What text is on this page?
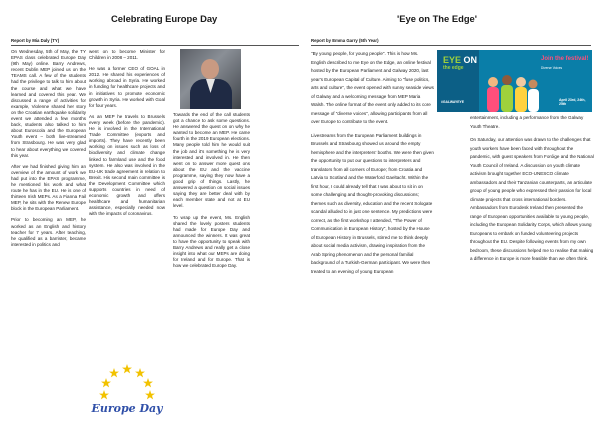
Celebrating Europe Day	'Eye on The Edge'
Report by Mia Daly (TY)	Report by Emma Garry (5th Year)

On Wednesday, 5th of May, the TY EPAS class celebrated Europe Day (9th May) online. Barry Andrews, recent Dublin MEP joined us on the TEAMS call. A few of the students had the privilege to talk to him about the course and what we have learned and covered this year. We discussed a range of activities for example, Violenne shared her story on the Croatian earthquake solidarity event we attended a few months back, students also talked to him about Euroscola and the European Youth event – both live-streamed from Strasbourg. He was very glad to hear about everything we covered this year.

After we had finished giving him an overview of the amount of work we had put into the EPAS programme, he mentioned his work and what route he has in the EU. He is one of thirteen Irish MEPs. As a Fianna Fail MEP, he sits with the Renew Europe block in the European Parliament.

Prior to becoming an MEP, he worked as an English and history teacher for 7 years. After teaching, he qualified as a barrister, became interested in politics and

went on to become Minister for Children in 2008 – 2011.

He was a former CEO of GOAL in 2012. He shared his experiences of working abroad in Syria. He worked in funding for healthcare projects and in initiatives to promote economic growth in Syria. He worked with Goal for four years.

As an MEP he travels to Brussels every week (before the pandemic). He is involved in the International Trade Committee (exports and imports). They have recently been working on issues such as loss of biodiversity and climate change linked to farmland use and the food system. He also was involved in the EU-UK trade agreement in relation to Brexit. His second main committee is the Development Committee which supports countries in need of economic growth and offers healthcare and humanitarian assistance, especially needed now with the impacts of coronavirus.

Towards the end of the call students got a chance to ask some questions. He answered the quest on on why he wanted to become an MEP. He came fourth in the 2019 European elections. Many people told him he would suit the job and it's something he is very interested and involved in. He then went on to answer more quest ons about the EU and the vaccine programme, saying they now have a good grip of things. Lastly, he answered a question on social issues saying they are better deal with by each member state and not at EU level.

To wrap up the event, Ms. English shared the lovely posters students had made for Europe Day and announced the winners. It was great to have the opportunity to speak with Barry Andrews and really get a close insight into what our MEPs are doing for Ireland and for Europe. That is how we celebrated Europe Day.

Europe Day

"By young people, for young people". This is how Ms. English described to me Eye on the Edge, an online festival hosted by the European Parliament and Galway 2020, last year's European Capital of Culture. Aiming to "fuse politics, arts and culture", the event opened with sunny seaside views of Galway and a welcoming message from MEP Maria Walsh. The online format of the event only added to its core message of "diverse voices", allowing participants from all over Europe to contribute to the event.

Livestreams from the European Parliament buildings in Brussels and Strasbourg showed us around the empty hemisphere and the interpreters' booths. We were then given the opportunity to put our questions to interpreters and translators from all corners of Europe; from Croatia and Latvia to Scotland and the Waterford Gaeltacht. Within the first hour, I could already tell that I was about to sit in on some challenging and thought-provoking discussions; themes such as diversity, education and the recent Sologate scandal alluded to in just one sentence. My predictions were correct, as the first workshop I attended, "The Power of Communication in European History", hosted by the House of European History in Brussels, stirred me to think deeply about social media activism, drawing inspiration from the Arab Spring phenomenon and the personal familial background of a Turkish-German participant. We were then treated to an evening of young European

EYE ON
the edge
#GALWAYEYE
Join the festival!
Diverse Voices
April 23rd, 24th, 25th

entertainment, including a performance from the Galway Youth Theatre.

On Saturday, our attention was drawn to the challenges that youth workers have been faced with throughout the pandemic, with guest speakers from Foróige and the National Youth Council of Ireland. A discussion on youth climate activism brought together ECO-UNESCO climate ambassadors and their Tanzanian counterparts, an articulate group of young people who expressed their passion for local climate projects that cross international borders. Ambassadors from Eurodesk Ireland then presented the range of European opportunities available to young people, including the European Solidarity Corps, which allows young Europeans to embark on funded volunteering projects throughout the EU. Despite following events from my own bedroom, these discussions helped me to realise that making a difference in Europe is more feasible than we often think.
